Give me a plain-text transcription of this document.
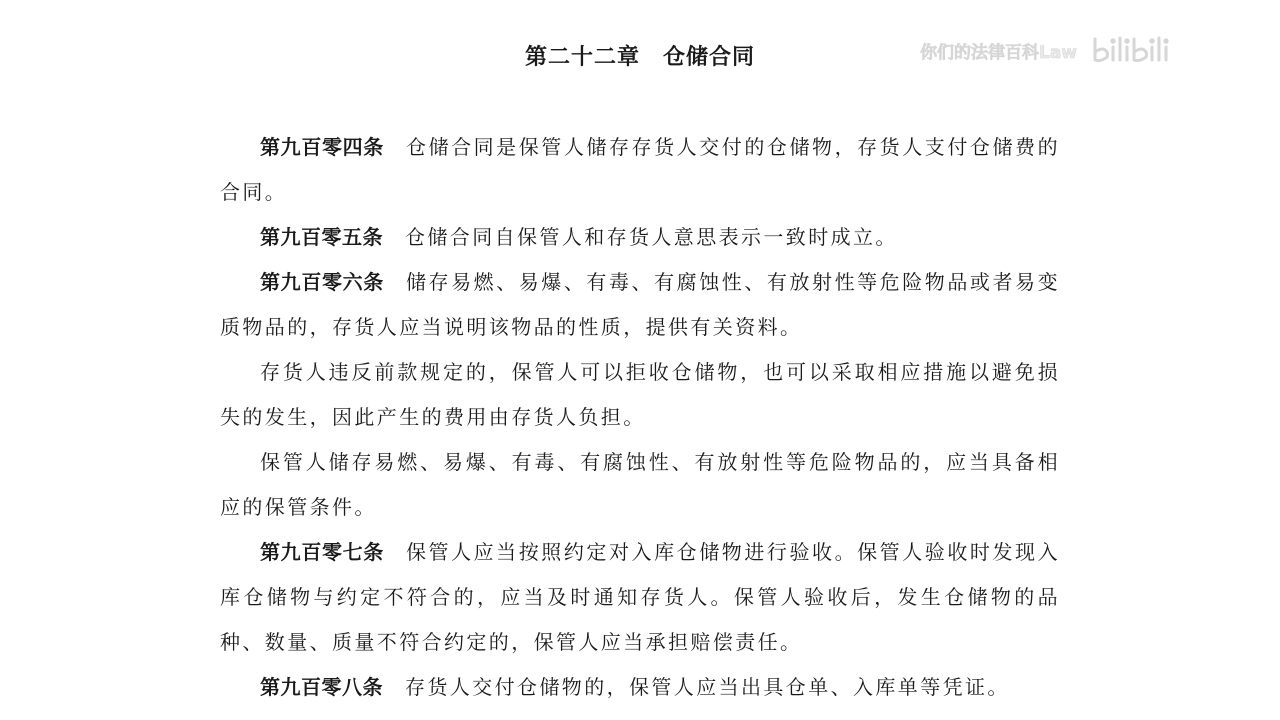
第二十二章　仓储合同	你们的法律百科Law

第九百零四条 仓储合同是保管人储存存货人交付的仓储物，存货人支付仓储费的合同。

第九百零五条 仓储合同自保管人和存货人意思表示一致时成立。

第九百零六条 储存易燃、易爆、有毒、有腐蚀性、有放射性等危险物品或者易变质物品的，存货人应当说明该物品的性质，提供有关资料。

存货人违反前款规定的，保管人可以拒收仓储物，也可以采取相应措施以避免损失的发生，因此产生的费用由存货人负担。

保管人储存易燃、易爆、有毒、有腐蚀性、有放射性等危险物品的，应当具备相应的保管条件。

第九百零七条 保管人应当按照约定对入库仓储物进行验收。保管人验收时发现入库仓储物与约定不符合的，应当及时通知存货人。保管人验收后，发生仓储物的品种、数量、质量不符合约定的，保管人应当承担赔偿责任。

第九百零八条 存货人交付仓储物的，保管人应当出具仓单、入库单等凭证。
